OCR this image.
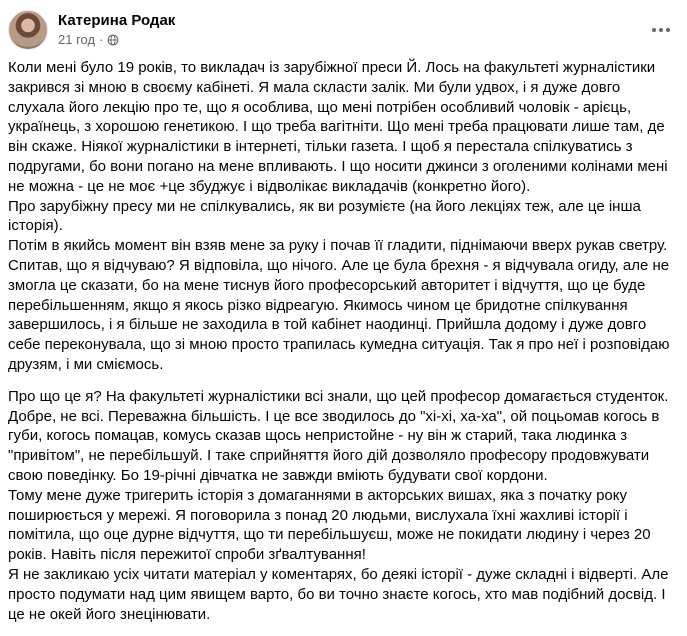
Катерина Родак
21 год ·

Коли мені було 19 років, то викладач із зарубіжної преси Й. Лось на факультеті журналістики закрився зі мною в своєму кабінеті. Я мала скласти залік. Ми були удвох, і я дуже довго слухала його лекцію про те, що я особлива, що мені потрібен особливий чоловік - арієць, українець, з хорошою генетикою. І що треба вагітніти. Що мені треба працювати лише там, де він скаже. Ніякої журналістики в інтернеті, тільки газета. І щоб я перестала спілкуватись з подругами, бо вони погано на мене впливають. І що носити джинси з оголеними колінами мені не можна - це не моє +це збуджує і відволікає викладачів (конкретно його).

Про зарубіжну пресу ми не спілкувались, як ви розумієте (на його лекціях теж, але це інша історія).

Потім в якийсь момент він взяв мене за руку і почав її гладити, піднімаючи вверх рукав светру. Спитав, що я відчуваю? Я відповіла, що нічого. Але це була брехня - я відчувала огиду, але не змогла це сказати, бо на мене тиснув його професорський авторитет і відчуття, що це буде перебільшенням, якщо я якось різко відреагую. Якимось чином це бридотне спілкування завершилось, і я більше не заходила в той кабінет наодинці. Прийшла додому і дуже довго себе переконувала, що зі мною просто трапилась кумедна ситуація. Так я про неї і розповідаю друзям, і ми сміємось.

Про що це я? На факультеті журналістики всі знали, що цей професор домагається студенток. Добре, не всі. Переважна більшість. І це все зводилось до "хі-хі, ха-ха", ой поцьомав когось в губи, когось помацав, комусь сказав щось непристойне - ну він ж старий, така людинка з "привітом", не перебільшуй. І таке сприйняття його дій дозволяло професору продовжувати свою поведінку. Бо 19-річні дівчатка не завжди вміють будувати свої кордони.

Тому мене дуже тригерить історія з домаганнями в акторських вишах, яка з початку року поширюється у мережі. Я поговорила з понад 20 людьми, вислухала їхні жахливі історії і помітила, що оце дурне відчуття, що ти перебільшуєш, може не покидати людину і через 20 років. Навіть після пережитої спроби зґвалтування!

Я не закликаю усіх читати матеріал у коментарях, бо деякі історії - дуже складні і відверті. Але просто подумати над цим явищем варто, бо ви точно знаєте когось, хто мав подібний досвід. І це не окей його знецінювати.
